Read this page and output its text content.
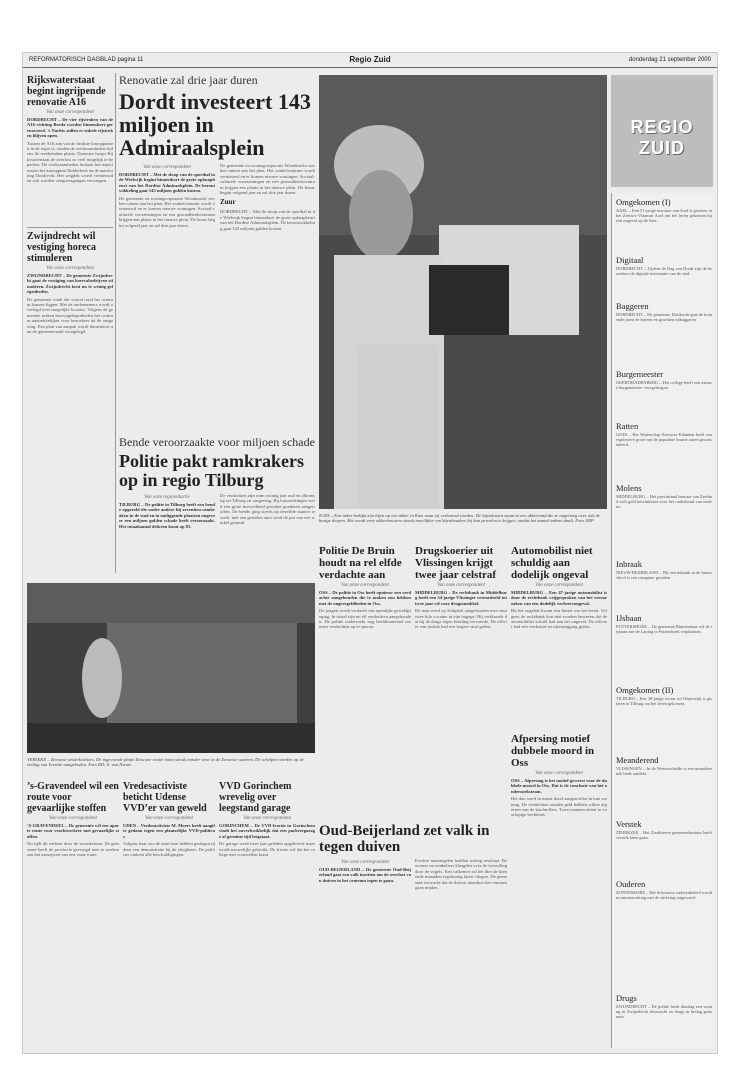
REFORMATORISCH DAGBLAD pagina 11	Regio Zuid	donderdag 21 september 2000
Rijkswaterstaat begint ingrijpende renovatie A16
Van onze correspondent
DORDRECHT – De vier rijstroken van de A16 richting Breda worden binnenkort gerenoveerd. ’s Nachts zullen er enkele rijstroken blijven open.
Tussen de A16 aan van de drukste knooppunten in de regio is, vinden de werkzaamheden tijdens de weekeinden plaats. Daarmee hoopt Rijkswaterstaat de overlast zo veel mogelijk te beperken. De werkzaamheden beslaan het traject tussen het knooppunt Ridderkerk en de aansluiting Dordrecht. Het wegdek wordt vernieuwd en ook worden voegovergangen vervangen.
Zwijndrecht wil vestiging horeca stimuleren
Van onze correspondent
ZWIJNDRECHT – De gemeente Zwijndrecht gaat de vestiging van horecabedrijven stimuleren. Zwijndrecht kent nu te weinig gelegenheden.
De gemeente vindt dat vooral rond het centrum kansen liggen. Met de ondernemers wordt overlegd over mogelijke locaties. Volgens de gemeente maken horecagelegenheden het centrum aantrekkelijker voor bezoekers uit de omgeving. Een plan van aanpak wordt binnenkort aan de gemeenteraad voorgelegd.
Renovatie zal drie jaar duren
Dordt investeert 143 miljoen in Admiraalsplein
Van onze correspondent
DORDRECHT – Met de sloop van de sporthal in de Wielwijk begint binnenkort de grote opknapbeurt van het Dordtse Admiraalsplein. De herontwikkeling gaat 143 miljoen gulden kosten.
De gemeente en woningcorporatie Woonkracht werken samen aan het plan. Het winkelcentrum wordt vernieuwd en er komen nieuwe woningen. Sociaal-culturele voorzieningen en een gezondheidscentrum krijgen een plaats in het nieuwe plein. De bouw begint volgend jaar en zal drie jaar duren.
De gemeente en woningcorporatie Woonkracht werken samen aan het plan. Het winkelcentrum wordt vernieuwd en er komen nieuwe woningen. Sociaal-culturele voorzieningen en een gezondheidscentrum krijgen een plaats in het nieuwe plein. De bouw begint volgend jaar en zal drie jaar duren.
Zuur
DORDRECHT – Met de sloop van de sporthal in de Wielwijk begint binnenkort de grote opknapbeurt van het Dordtse Admiraalsplein. De herontwikkeling gaat 143 miljoen gulden kosten.
KATS – Een imker bekijkt zijn bijen op een akker in Kats waar zij verbouwd worden. De bijenkasten staan in een akkerrand die ze nagenoeg over ook de bezige dorpen. Het wordt voor akkerbouwers steeds moeilijker om bijenhouders bij hun percelen te krijgen, omdat het aantal imkers daalt. Foto ANP
Bende veroorzaakte voor miljoen schade
Politie pakt ramkrakers op in regio Tilburg
Van onze regioredactie
TILBURG – De politie in Tilburg heeft een bende opgerold die onder andere bij zeventien ramkraken in de stad en in omliggende plaatsen ongeveer een miljoen gulden schade heeft veroorzaakt. Het totaalaantal delicten komt op 81.
De verdachten zijn ruim twintig jaar oud en afkomstig uit Tilburg en omgeving. Bij huiszoekingen werd een grote hoeveelheid gestolen goederen aangetroffen. De bende ging steeds op dezelfde manier te werk: met een gestolen auto werd de pui van een winkel geramd.
YERSEKE – Zeeuwse oesterkwekers. De ingevoerde platte Zeeuwse oester komt steeds minder voor in de Zeeuwse wateren. De schelpen worden op de veiling van Yerseke aangeboden. Foto RD, A. van Nieuw
Politie De Bruin houdt na rel elfde verdachte aan
Van onze correspondent
OSS – De politie in Oss heeft opnieuw een verdachte aangehouden die te maken zou hebben met de ongeregeldheden in Oss.
De jongen wordt verdacht van openlijke geweldpleging. In totaal zijn nu elf verdachten aangehouden. De politie onderzoekt nog beeldmateriaal om meer verdachten op te sporen.
Drugskoerier uit Vlissingen krijgt twee jaar celstraf
Van onze correspondent
MIDDELBURG – De rechtbank in Middelburg heeft een 34-jarige Vlissinger veroordeeld tot twee jaar cel voor drugssmokkel.
De man werd op Schiphol aangehouden met ruim twee kilo cocaïne in zijn bagage. Hij verklaarde dat hij de drugs tegen betaling vervoerde. De officier van justitie had een hogere straf geëist.
Automobilist niet schuldig aan dodelijk ongeval
Van onze correspondent
MIDDELBURG – Een 47-jarige automobilist is door de rechtbank vrijgesproken van het veroorzaken van een dodelijk verkeersongeval.
Bij het ongeluk kwam een fietser om het leven. Volgens de rechtbank kon niet worden bewezen dat de automobilist schuld had aan het ongeval. De officier had een werkstraf en rijontzegging geëist.
Afpersing motief dubbele moord in Oss
Van onze correspondent
OSS – Afpersing is het motief geweest voor de dubbele moord in Oss. Dat is de conclusie van het onderzoeksteam.
Het duo werd in maart dood aangetroffen in hun woning. De verdachten zouden geld hebben willen afpersen van de slachtoffers. Twee mannen zitten in voorlopige hechtenis.
Oud-Beijerland zet valk in tegen duiven
Van onze correspondent
OUD-BEIJERLAND – De gemeente Oud-Beijerland gaat een valk inzetten om de overlast van duiven in het centrum tegen te gaan.
Eerdere maatregelen hadden weinig resultaat. Bewoners en winkeliers klaagden over de vervuiling door de vogels. Een valkenier zal het dier de komende maanden regelmatig laten vliegen. De gemeente verwacht dat de duiven daardoor het centrum gaan mijden.
’s-Gravendeel wil een route voor gevaarlijke stoffen
Van onze correspondent
’S-GRAVENDEEL – De gemeente wil een aparte route voor vrachtverkeer met gevaarlijke stoffen.
Nu rijdt dit verkeer door de woonkernen. De gemeente heeft de provincie gevraagd mee te werken aan het aanwijzen van een vaste route.
Vredesactiviste beticht Udense VVD’er van geweld
Van onze correspondent
UDEN – Vredesactiviste M. Moers heeft aangifte gedaan tegen een plaatselijke VVD-politicus.
Volgens haar zou de man haar hebben geslagen tijdens een demonstratie bij de vliegbasis. De politicus ontkent alle beschuldigingen.
VVD Gorinchem wrevelig over leegstand garage
Van onze correspondent
GORINCHEM – De VVD-fractie in Gorinchem vindt het onverkwikkelijk dat een parkeergarage al geruime tijd leegstaat.
De garage werd twee jaar geleden opgeleverd maar wordt nauwelijks gebruikt. De fractie wil dat het college met voorstellen komt.
REGIO ZUID
Omgekomen (I)

AXEL – Een 51-jarige inwoner van Axel is gisteren in het Zeeuws-Vlaamse Axel om het leven gekomen bij een ongeval op de fiets.

Digitaal

DORDRECHT – Tijdens de Dag van Dordt zijn de bezoekers de digitale informatie van de stad.

Baggeren

DORDRECHT – De gemeente Dordrecht gaat de komende jaren de havens en grachten uitbaggeren.

Burgemeester

GEERTRUIDENBERG – Het college heeft een nieuwe burgemeester voorgedragen.

Ratten

GOES – Het Waterschap Zeeuwse Eilanden heeft een explosieve groei van de populatie bruine ratten geconstateerd.

Molens

MIDDELBURG – Het provinciaal bestuur van Zeeland stelt geld beschikbaar voor het onderhoud van molens.

Inbraak

NIEUW-BEIJERLAND – Bij een inbraak in de basisschool is een computer gestolen.

IJsbaan

PUTTERSHOEK – De gemeente Binnenmaas wil de ijsbaan aan de Laning in Puttershoek verplaatsen.

Omgekomen (II)

TILBURG – Een 38-jarige vrouw uit Oisterwijk is gisteren in Tilburg om het leven gekomen.

Meanderend

VLISSINGEN – In de Westerschelde is een meanderende beek ontdekt.

Verstek

ZIERIKZEE – Het Zierikzeese gemeentebestuur heeft verstek laten gaan.

Ouderen

ZONNEMAIRE – Het Schouwse ouderenbeleid wordt in samenwerking met de stichting uitgevoerd.

Drugs

ZWIJNDRECHT – De politie heeft dinsdag een woning in Zwijndrecht doorzocht en drugs in beslag genomen.
